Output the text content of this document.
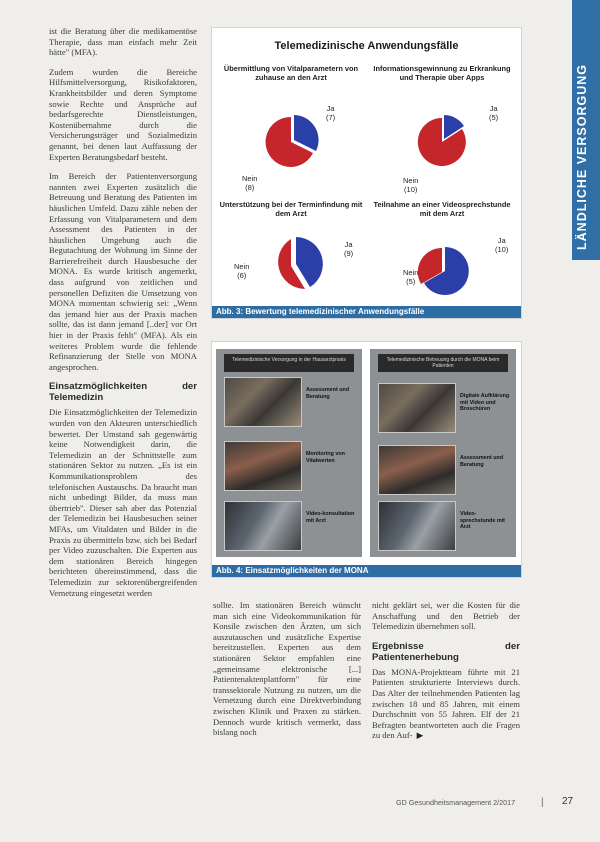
LÄNDLICHE VERSORGUNG

ist die Beratung über die medikamentöse Therapie, dass man einfach mehr Zeit hätte" (MFA).

Zudem wurden die Bereiche Hilfsmittelversorgung, Risikofaktoren, Krankheitsbilder und deren Symptome sowie Rechte und Ansprüche auf bedarfsgerechte Dienstleistungen, Kostenübernahme durch die Versicherungsträger und Sozialmedizin genannt, bei denen laut Auffassung der Experten Beratungsbedarf besteht.

Im Bereich der Patientenversorgung nannten zwei Experten zusätzlich die Betreuung und Beratung des Patienten im häuslichen Umfeld. Dazu zähle neben der Erfassung von Vitalparametern und dem Assessment des Patienten in der häuslichen Umgebung auch die Begutachtung der Wohnung im Sinne der Barrierefreiheit durch Hausbesuche der MONA. Es wurde kritisch angemerkt, dass aufgrund von zeitlichen und personellen Defiziten die Umsetzung von MONA momentan schwierig sei: „Wenn das jemand hier aus der Praxis machen sollte, das ist dann jemand [..der] vor Ort hier in der Praxis fehlt" (MFA). Als ein weiteres Problem wurde die fehlende Refinanzierung der Stelle von MONA angesprochen.

Einsatzmöglichkeiten der Telemedizin

Die Einsatzmöglichkeiten der Telemedizin wurden von den Akteuren unterschiedlich bewertet. Der Umstand sah gegenwärtig keine Notwendigkeit darin, die Telemedizin an der Schnittstelle zum stationären Sektor zu nutzen. „Es ist ein Kommunikationsproblem des telefonischen Austauschs. Da braucht man nicht unbedingt Bilder, da muss man übertrieb". Dieser sah aber das Potenzial der Telemedizin bei Hausbesuchen seiner MFAs, um Vitaldaten und Bilder in die Praxis zu übermitteln bzw. sich bei Bedarf per Video zuzuschalten. Die Experten aus dem stationären Bereich hingegen berichteten übereinstimmend, dass die Telemedizin zur sektorenübergreifenden Vernetzung eingesetzt werden

Telemedizinische Anwendungsfälle
Übermittlung von Vitalparametern von zuhause an den Arzt
Ja
(7)
Nein
(8)
Informationsgewinnung zu Erkrankung und Therapie über Apps
Ja
(5)
Nein
(10)
Unterstützung bei der Terminfindung mit dem Arzt
Ja
(9)
Nein
(6)
Teilnahme an einer Videosprechstunde mit dem Arzt
Ja
(10)
Nein
(5)
Abb. 3: Bewertung telemedizinischer Anwendungsfälle
Telemedizinische Versorgung in der Hausarztpraxis
Assessment und Beratung
Monitoring von Vitalwerten
Video-konsultation mit Arzt
Telemedizinische Betreuung durch die MONA beim Patienten
Digitale Aufklärung mit Video und Broschüren
Assessment und Beratung
Video-sprechstunde mit Arzt
Abb. 4: Einsatzmöglichkeiten der MONA

sollte. Im stationären Bereich wünscht man sich eine Videokommunikation für Konsile zwischen den Ärzten, um sich auszutauschen und zusätzliche Expertise bereitzustellen. Experten aus dem stationären Sektor empfahlen eine „gemeinsame elektronische [...] Patientenaktenplattform" für eine transsektorale Nutzung zu nutzen, um die Vernetzung durch eine Direktverbindung zwischen Klinik und Praxen zu stärken. Dennoch wurde kritisch vermerkt, dass bislang noch

nicht geklärt sei, wer die Kosten für die Anschaffung und den Betrieb der Telemedizin übernehmen soll.

Ergebnisse der Patientenerhebung

Das MONA-Projektteam führte mit 21 Patienten strukturierte Interviews durch. Das Alter der teilnehmenden Patienten lag zwischen 18 und 85 Jahren, mit einem Durchschnitt von 55 Jahren. Elf der 21 Befragten beantworteten auch die Fragen zu den Auf- ▶

GD Gesundheitsmanagement 2/2017	| 27
